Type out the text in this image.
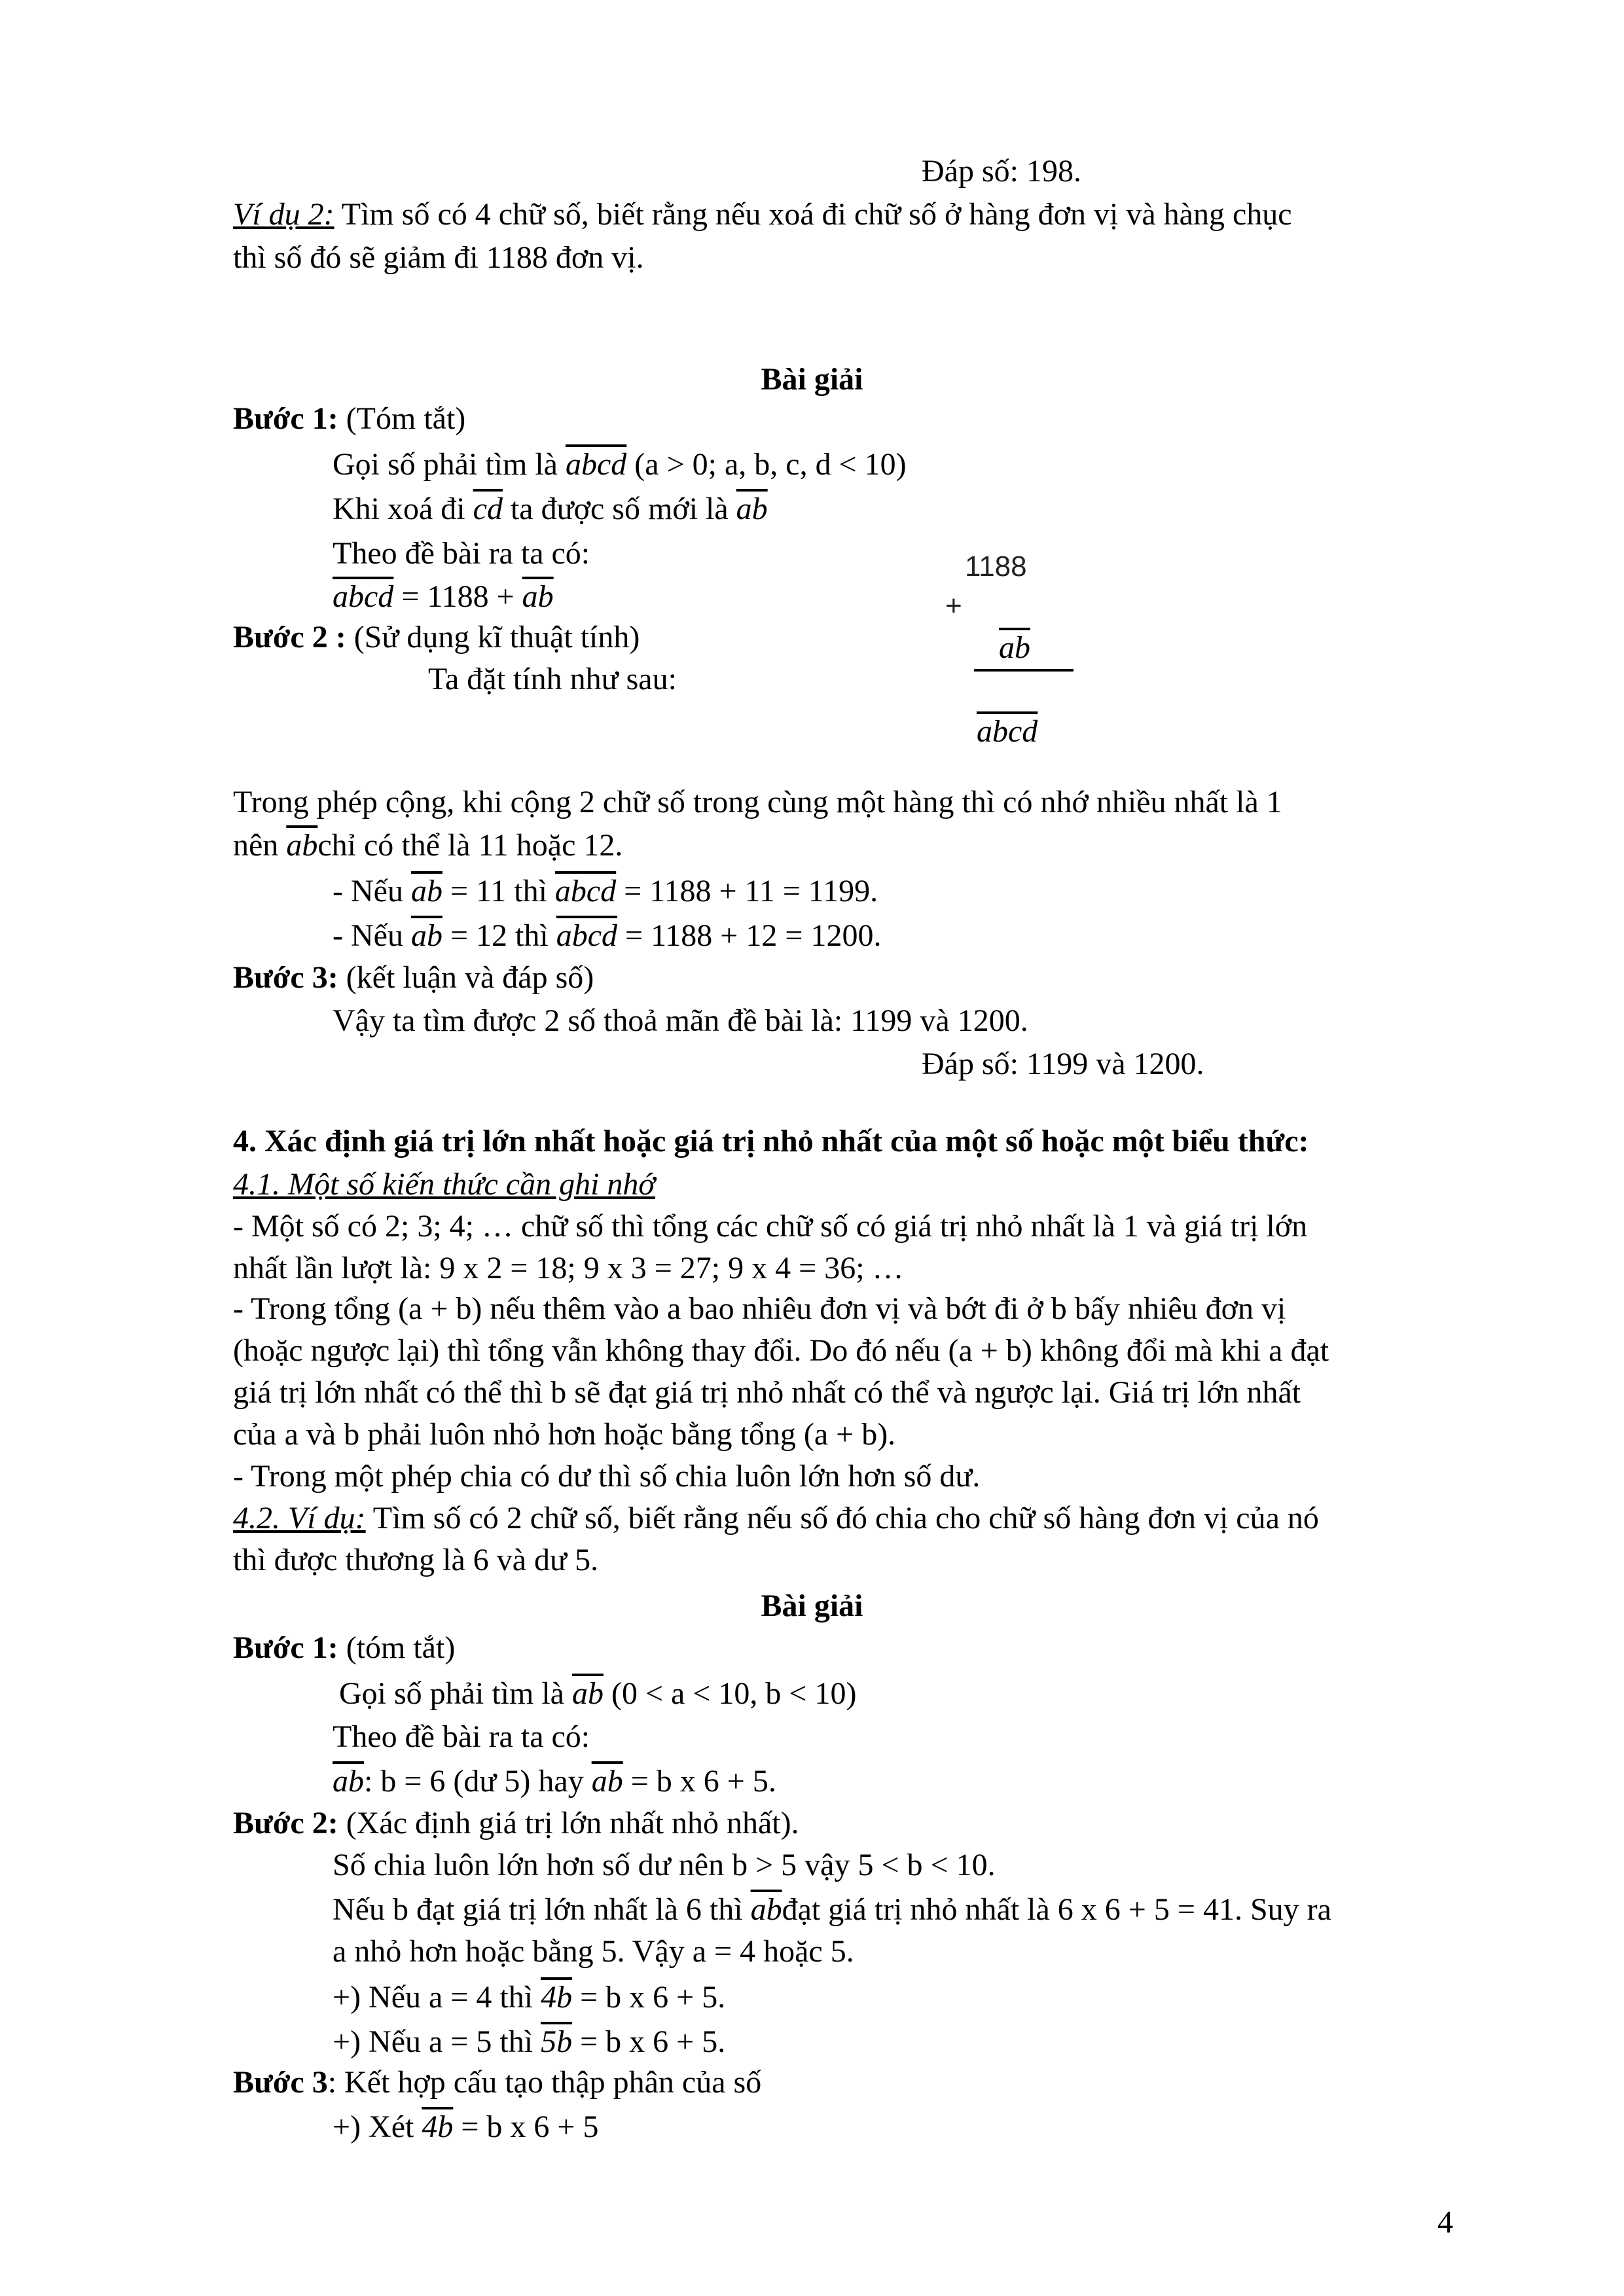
Đáp số: 198.
Ví dụ 2: Tìm số có 4 chữ số, biết rằng nếu xoá đi chữ số ở hàng đơn vị và hàng chục
thì số đó sẽ giảm đi 1188 đơn vị.
Bài giải
Bước 1: (Tóm tắt)
Gọi số phải tìm là abcd (a > 0; a, b, c, d < 10)
Khi xoá đi $\overline{cd}$ ta được số mới là $\overline{ab}$
Theo đề bài ra ta có:
abcd = $1188 + \overline{ab}$
1188
+
$\overline{ab}$
abcd
Bước 2 : (Sử dụng kĩ thuật tính)
Ta đặt tính như sau:
Trong phép cộng, khi cộng 2 chữ số trong cùng một hàng thì có nhớ nhiều nhất là 1
nên $\overline{ab}chỉ$ có thể là 11 hoặc 12.
- Nếu $\overline{ab} = 11$ thì abcd = 1188 + 11 = 1199.
- Nếu $\overline{ab} = 12$ thì abcd = 1188 + 12 = 1200.
Bước 3: (kết luận và đáp số)
Vậy ta tìm được 2 số thoả mãn đề bài là: 1199 và 1200.
Đáp số: 1199 và 1200.
4. Xác định giá trị lớn nhất hoặc giá trị nhỏ nhất của một số hoặc một biểu thức:
4.1. Một số kiến thức cần ghi nhớ
- Một số có 2; 3; 4; … chữ số thì tổng các chữ số có giá trị nhỏ nhất là 1 và giá trị lớn
nhất lần lượt là: 9 x 2 = 18; 9 x 3 = 27; 9 x 4 = 36; …
- Trong tổng (a + b) nếu thêm vào a bao nhiêu đơn vị và bớt đi ở b bấy nhiêu đơn vị
(hoặc ngược lại) thì tổng vẫn không thay đổi. Do đó nếu (a + b) không đổi mà khi a đạt
giá trị lớn nhất có thể thì b sẽ đạt giá trị nhỏ nhất có thể và ngược lại. Giá trị lớn nhất
của a và b phải luôn nhỏ hơn hoặc bằng tổng (a + b).
- Trong một phép chia có dư thì số chia luôn lớn hơn số dư.
4.2. Ví dụ: Tìm số có 2 chữ số, biết rằng nếu số đó chia cho chữ số hàng đơn vị của nó
thì được thương là 6 và dư 5.
Bài giải
Bước 1: (tóm tắt)
Gọi số phải tìm là $\overline{ab}$ (0 < a < 10, b < 10)
Theo đề bài ra ta có:
$\overline{ab}$: b = 6 (dư 5) hay $\overline{ab} = b$ x 6 + 5.
Bước 2: (Xác định giá trị lớn nhất nhỏ nhất).
Số chia luôn lớn hơn số dư nên b > 5 vậy 5 < b < 10.
Nếu b đạt giá trị lớn nhất là 6 thì $\overline{ab}đạt$ giá trị nhỏ nhất là 6 x 6 + 5 = 41. Suy ra
a nhỏ hơn hoặc bằng 5. Vậy a = 4 hoặc 5.
+) Nếu a = 4 thì 4b = b x 6 + 5.
+) Nếu a = 5 thì 5b = b x 6 + 5.
Bước 3: Kết hợp cấu tạo thập phân của số
+) Xét 4b = b x 6 + 5
4
